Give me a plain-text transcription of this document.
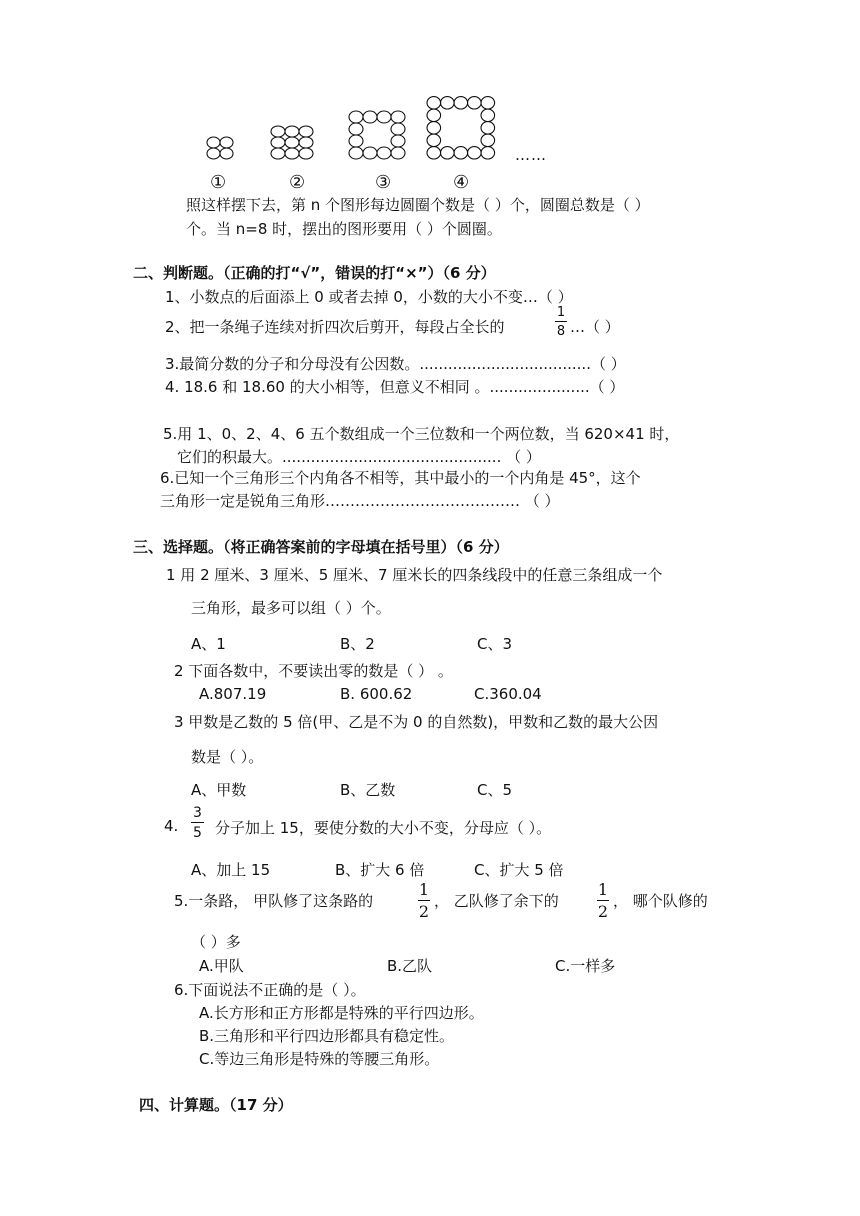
……
①	②	③	④
照这样摆下去，第 n 个图形每边圆圈个数是（ ）个，圆圈总数是（ ）
个。当 n=8 时，摆出的图形要用（ ）个圆圈。
二、判断题。（正确的打“√”，错误的打“×”）（6 分）
1、小数点的后面添上 0 或者去掉 0，小数的大小不变…（ ）
2、把一条绳子连续对折四次后剪开，每段占全长的
1
8 …（ ）
3.最简分数的分子和分母没有公因数。....................................（ ）
4. 18.6 和 18.60 的大小相等，但意义不相同 。.....................（ ）
5.用 1、0、2、4、6 五个数组成一个三位数和一个两位数，当 620×41 时，
它们的积最大。.............................................. （ ）
6.已知一个三角形三个内角各不相等，其中最小的一个内角是 45°，这个
三角形一定是锐角三角形………………………………… （ ）
三、选择题。（将正确答案前的字母填在括号里）（6 分）
1 用 2 厘米、3 厘米、5 厘米、7 厘米长的四条线段中的任意三条组成一个
三角形，最多可以组（ ）个。
A、1	B、2	C、3
2 下面各数中，不要读出零的数是（ ） 。
A.807.19	B. 600.62	C.360.04
3 甲数是乙数的 5 倍(甲、乙是不为 0 的自然数)，甲数和乙数的最大公因
数是（ ）。
A、甲数	B、乙数	C、5
4.
3
5 分子加上 15，要使分数的大小不变，分母应（ ）。
A、加上 15	B、扩大 6 倍	C、扩大 5 倍
5.一条路， 甲队修了这条路的
1
2
， 乙队修了余下的
1
2
， 哪个队修的
（ ）多
A.甲队	B.乙队	C.一样多
6.下面说法不正确的是（ ）。
A.长方形和正方形都是特殊的平行四边形。
B.三角形和平行四边形都具有稳定性。
C.等边三角形是特殊的等腰三角形。
四、计算题。（17 分）
